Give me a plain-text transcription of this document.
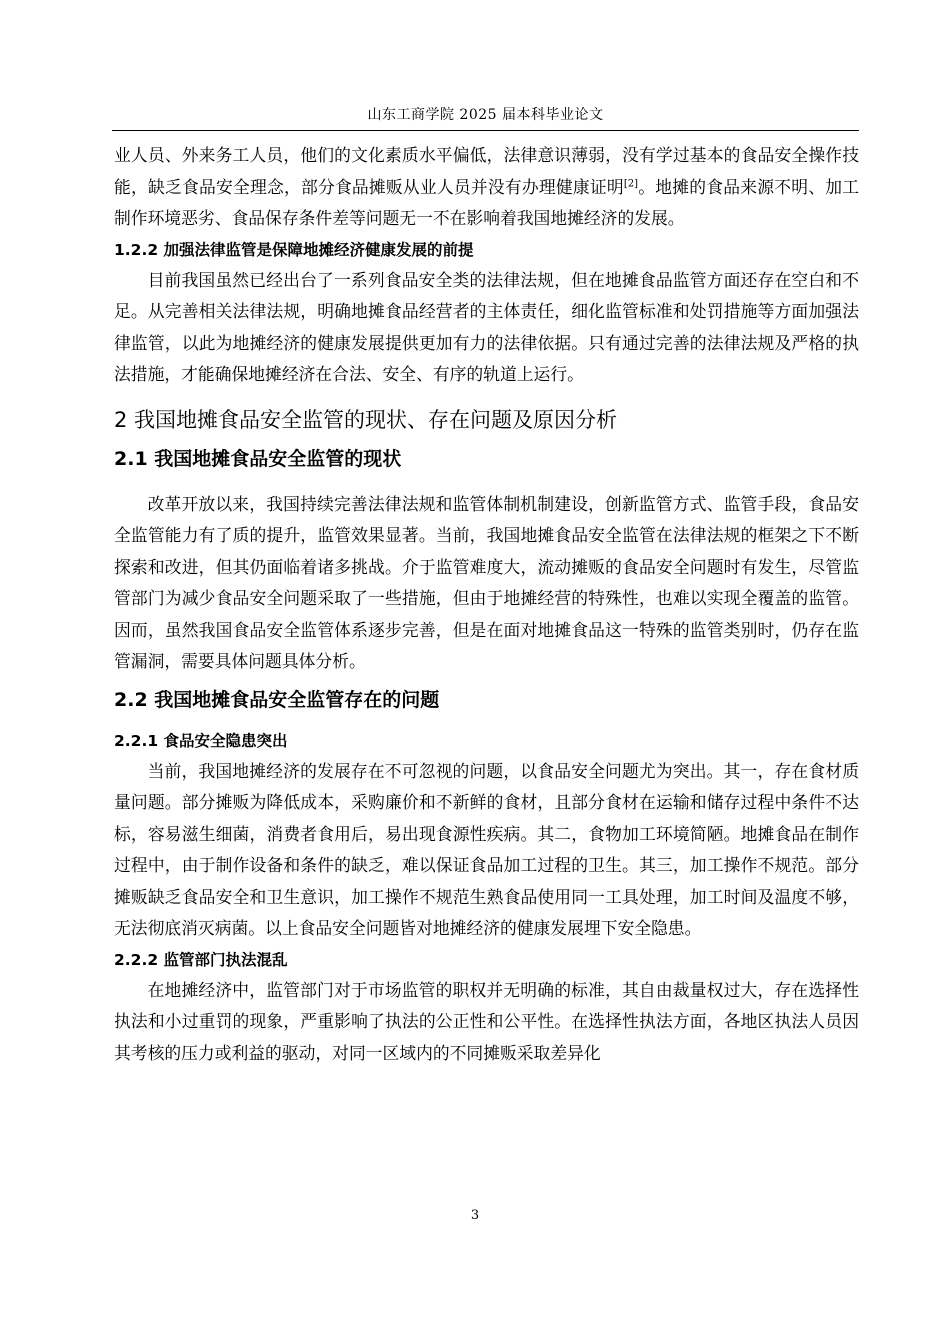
山东工商学院 2025 届本科毕业论文

业人员、外来务工人员，他们的文化素质水平偏低，法律意识薄弱，没有学过基本的食品安全操作技能，缺乏食品安全理念，部分食品摊贩从业人员并没有办理健康证明[2]。地摊的食品来源不明、加工制作环境恶劣、食品保存条件差等问题无一不在影响着我国地摊经济的发展。

1.2.2 加强法律监管是保障地摊经济健康发展的前提

目前我国虽然已经出台了一系列食品安全类的法律法规，但在地摊食品监管方面还存在空白和不足。从完善相关法律法规，明确地摊食品经营者的主体责任，细化监管标准和处罚措施等方面加强法律监管，以此为地摊经济的健康发展提供更加有力的法律依据。只有通过完善的法律法规及严格的执法措施，才能确保地摊经济在合法、安全、有序的轨道上运行。

2 我国地摊食品安全监管的现状、存在问题及原因分析

2.1 我国地摊食品安全监管的现状

改革开放以来，我国持续完善法律法规和监管体制机制建设，创新监管方式、监管手段，食品安全监管能力有了质的提升，监管效果显著。当前，我国地摊食品安全监管在法律法规的框架之下不断探索和改进，但其仍面临着诸多挑战。介于监管难度大，流动摊贩的食品安全问题时有发生，尽管监管部门为减少食品安全问题采取了一些措施，但由于地摊经营的特殊性，也难以实现全覆盖的监管。因而，虽然我国食品安全监管体系逐步完善，但是在面对地摊食品这一特殊的监管类别时，仍存在监管漏洞，需要具体问题具体分析。

2.2 我国地摊食品安全监管存在的问题

2.2.1 食品安全隐患突出

当前，我国地摊经济的发展存在不可忽视的问题，以食品安全问题尤为突出。其一，存在食材质量问题。部分摊贩为降低成本，采购廉价和不新鲜的食材，且部分食材在运输和储存过程中条件不达标，容易滋生细菌，消费者食用后，易出现食源性疾病。其二，食物加工环境简陋。地摊食品在制作过程中，由于制作设备和条件的缺乏，难以保证食品加工过程的卫生。其三，加工操作不规范。部分摊贩缺乏食品安全和卫生意识，加工操作不规范生熟食品使用同一工具处理，加工时间及温度不够，无法彻底消灭病菌。以上食品安全问题皆对地摊经济的健康发展埋下安全隐患。

2.2.2 监管部门执法混乱

在地摊经济中，监管部门对于市场监管的职权并无明确的标准，其自由裁量权过大，存在选择性执法和小过重罚的现象，严重影响了执法的公正性和公平性。在选择性执法方面，各地区执法人员因其考核的压力或利益的驱动，对同一区域内的不同摊贩采取差异化

3
